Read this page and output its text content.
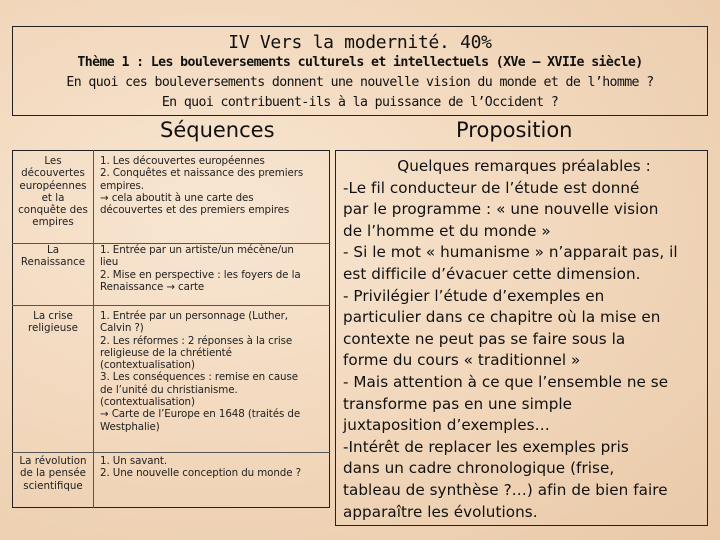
IV Vers la modernité. 40%
Thème 1 : Les bouleversements culturels et intellectuels (XVe – XVIIe siècle)
En quoi ces bouleversements donnent une nouvelle vision du monde et de l’homme ?
En quoi contribuent-ils à la puissance de l’Occident ?
Séquences	Proposition
Les
découvertes
européennes
et la
conquête des
empires
1. Les découvertes européennes
2. Conquêtes et naissance des premiers
empires.
→ cela aboutit à une carte des
découvertes et des premiers empires
La
Renaissance
1. Entrée par un artiste/un mécène/un
lieu
2. Mise en perspective : les foyers de la
Renaissance → carte
La crise
religieuse
1. Entrée par un personnage (Luther,
Calvin ?)
2. Les réformes : 2 réponses à la crise
religieuse de la chrétienté
(contextualisation)
3. Les conséquences : remise en cause
de l’unité du christianisme.
(contextualisation)
→ Carte de l’Europe en 1648 (traités de
Westphalie)
La révolution
de la pensée
scientifique
1. Un savant.
2. Une nouvelle conception du monde ?
Quelques remarques préalables :
-Le fil conducteur de l’étude est donné
par le programme : « une nouvelle vision
de l’homme et du monde »
- Si le mot « humanisme » n’apparait pas, il
est difficile d’évacuer cette dimension.
- Privilégier l’étude d’exemples en
particulier dans ce chapitre où la mise en
contexte ne peut pas se faire sous la
forme du cours « traditionnel »
- Mais attention à ce que l’ensemble ne se
transforme pas en une simple
juxtaposition d’exemples…
-Intérêt de replacer les exemples pris
dans un cadre chronologique (frise,
tableau de synthèse ?…) afin de bien faire
apparaître les évolutions.
